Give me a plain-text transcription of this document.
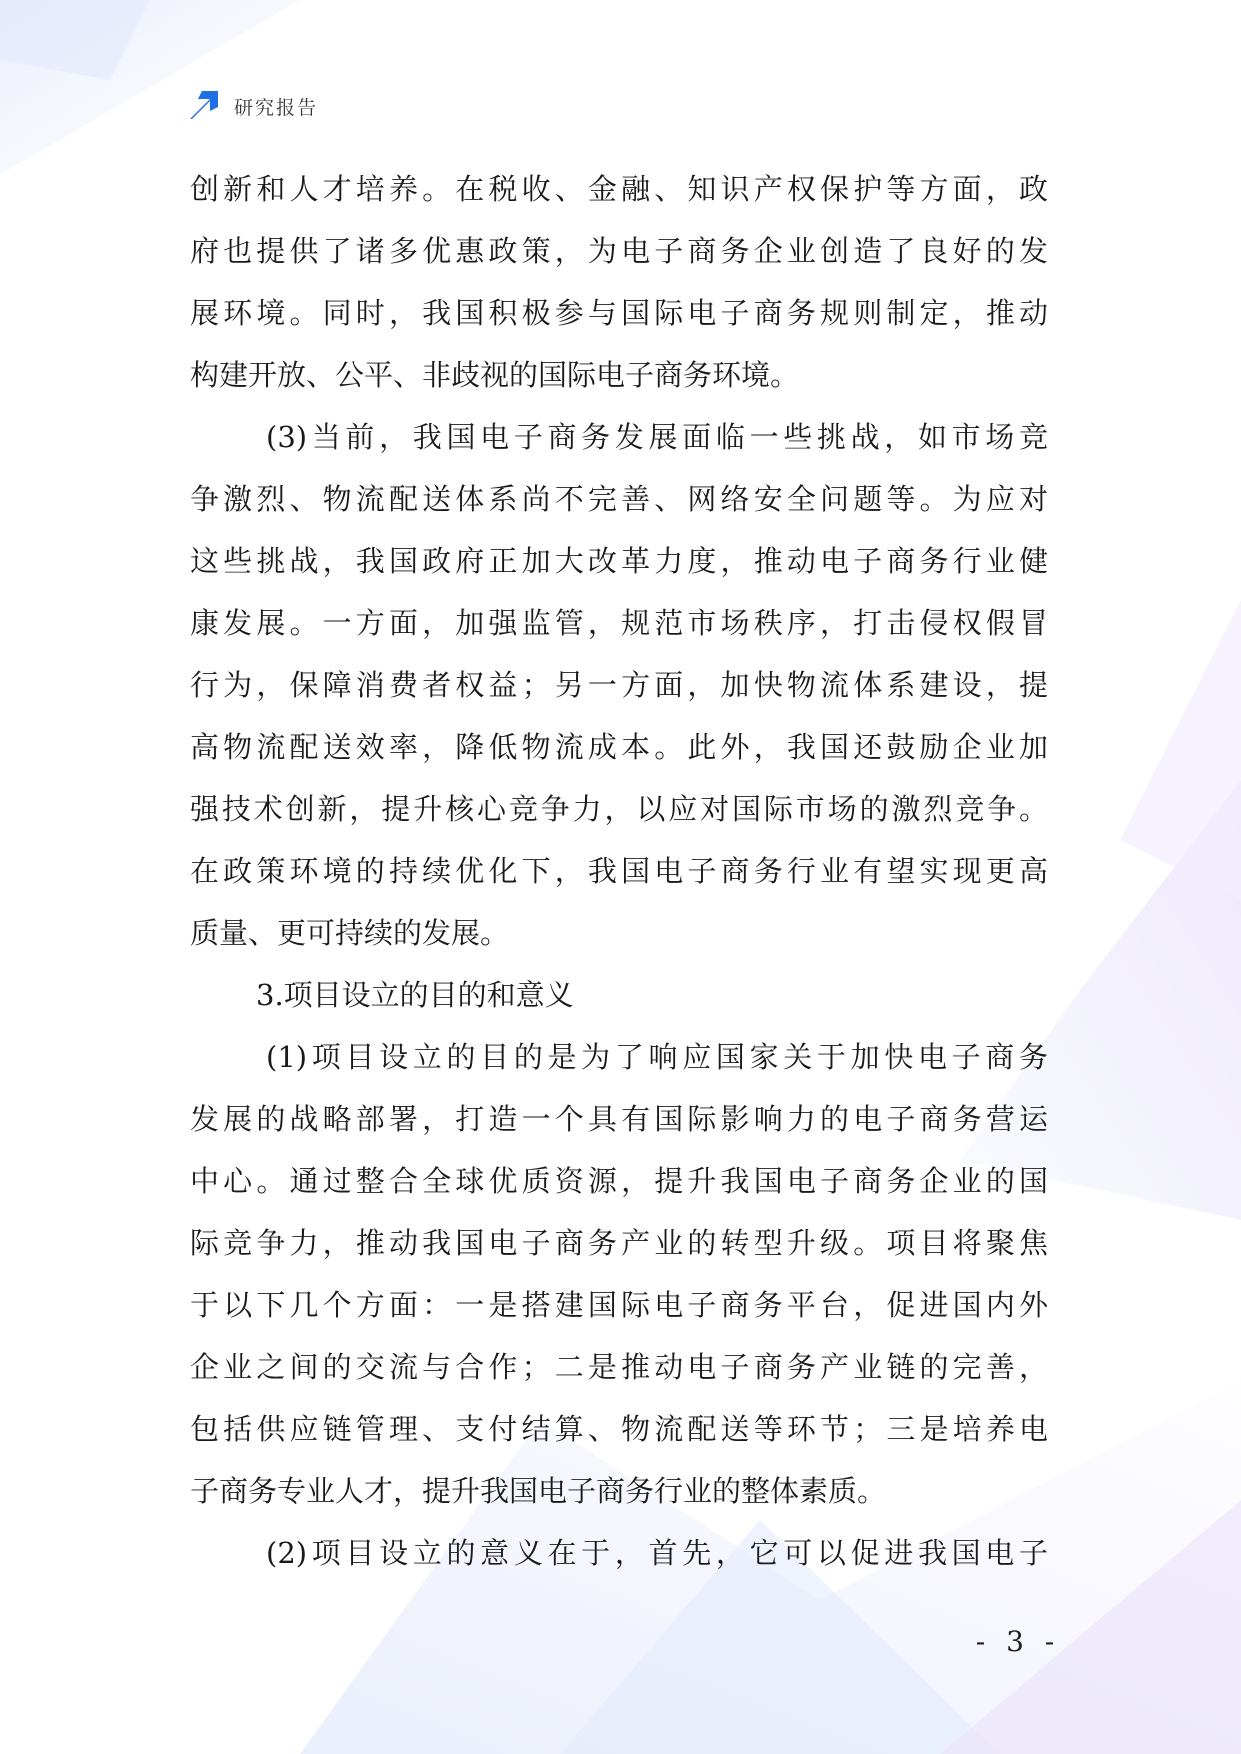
研究报告
创新和人才培养。在税收、金融、知识产权保护等方面，政
府也提供了诸多优惠政策，为电子商务企业创造了良好的发
展环境。同时，我国积极参与国际电子商务规则制定，推动
构建开放、公平、非歧视的国际电子商务环境。
(3)当前，我国电子商务发展面临一些挑战，如市场竞
争激烈、物流配送体系尚不完善、网络安全问题等。为应对
这些挑战，我国政府正加大改革力度，推动电子商务行业健
康发展。一方面，加强监管，规范市场秩序，打击侵权假冒
行为，保障消费者权益；另一方面，加快物流体系建设，提
高物流配送效率，降低物流成本。此外，我国还鼓励企业加
强技术创新，提升核心竞争力，以应对国际市场的激烈竞争。
在政策环境的持续优化下，我国电子商务行业有望实现更高
质量、更可持续的发展。
3.项目设立的目的和意义
(1)项目设立的目的是为了响应国家关于加快电子商务
发展的战略部署，打造一个具有国际影响力的电子商务营运
中心。通过整合全球优质资源，提升我国电子商务企业的国
际竞争力，推动我国电子商务产业的转型升级。项目将聚焦
于以下几个方面：一是搭建国际电子商务平台，促进国内外
企业之间的交流与合作；二是推动电子商务产业链的完善，
包括供应链管理、支付结算、物流配送等环节；三是培养电
子商务专业人才，提升我国电子商务行业的整体素质。
(2)项目设立的意义在于，首先，它可以促进我国电子
- 3 -
